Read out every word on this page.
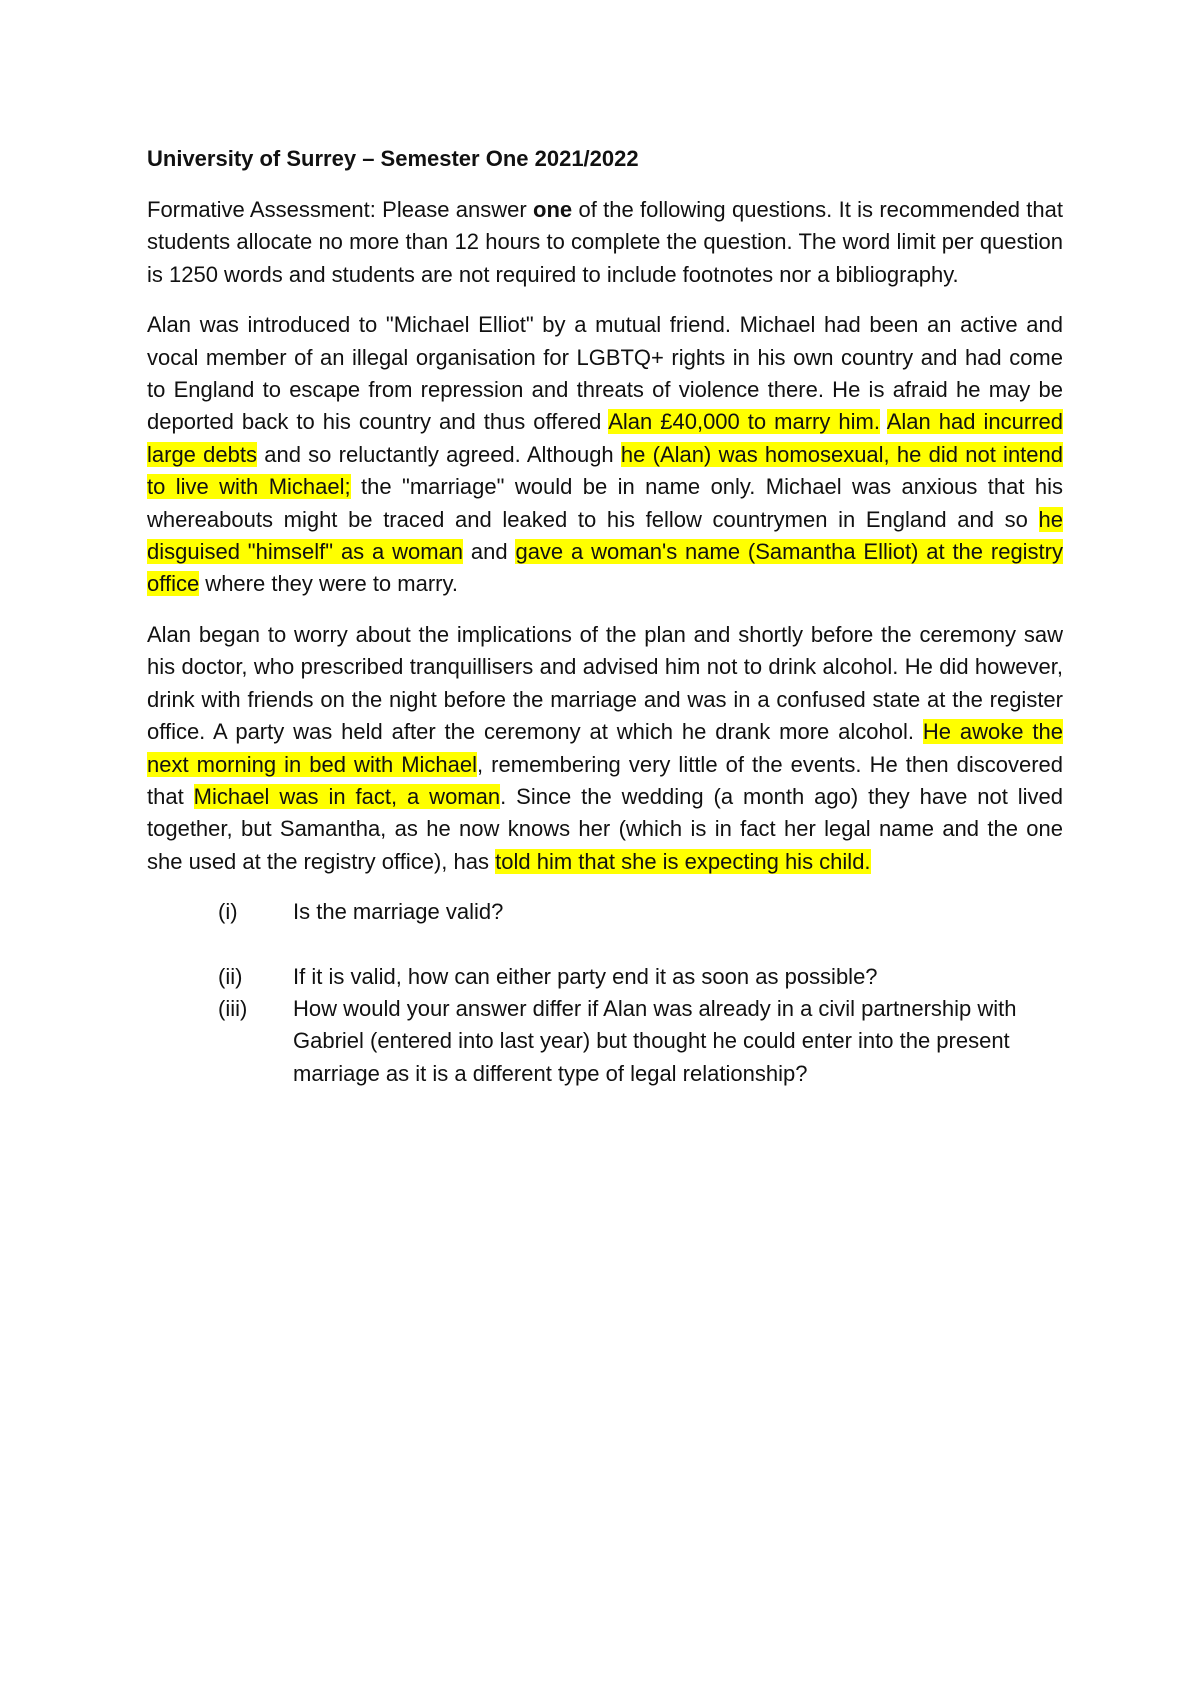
University of Surrey – Semester One 2021/2022

Formative Assessment: Please answer one of the following questions. It is recommended that students allocate no more than 12 hours to complete the question. The word limit per question is 1250 words and students are not required to include footnotes nor a bibliography.

Alan was introduced to "Michael Elliot" by a mutual friend. Michael had been an active and vocal member of an illegal organisation for LGBTQ+ rights in his own country and had come to England to escape from repression and threats of violence there. He is afraid he may be deported back to his country and thus offered Alan £40,000 to marry him. Alan had incurred large debts and so reluctantly agreed. Although he (Alan) was homosexual, he did not intend to live with Michael; the "marriage" would be in name only. Michael was anxious that his whereabouts might be traced and leaked to his fellow countrymen in England and so he disguised "himself" as a woman and gave a woman's name (Samantha Elliot) at the registry office where they were to marry.

Alan began to worry about the implications of the plan and shortly before the ceremony saw his doctor, who prescribed tranquillisers and advised him not to drink alcohol. He did however, drink with friends on the night before the marriage and was in a confused state at the register office. A party was held after the ceremony at which he drank more alcohol. He awoke the next morning in bed with Michael, remembering very little of the events. He then discovered that Michael was in fact, a woman. Since the wedding (a month ago) they have not lived together, but Samantha, as he now knows her (which is in fact her legal name and the one she used at the registry office), has told him that she is expecting his child.

(i)	Is the marriage valid?
(ii)	If it is valid, how can either party end it as soon as possible?
(iii)	How would your answer differ if Alan was already in a civil partnership with Gabriel (entered into last year) but thought he could enter into the present marriage as it is a different type of legal relationship?
